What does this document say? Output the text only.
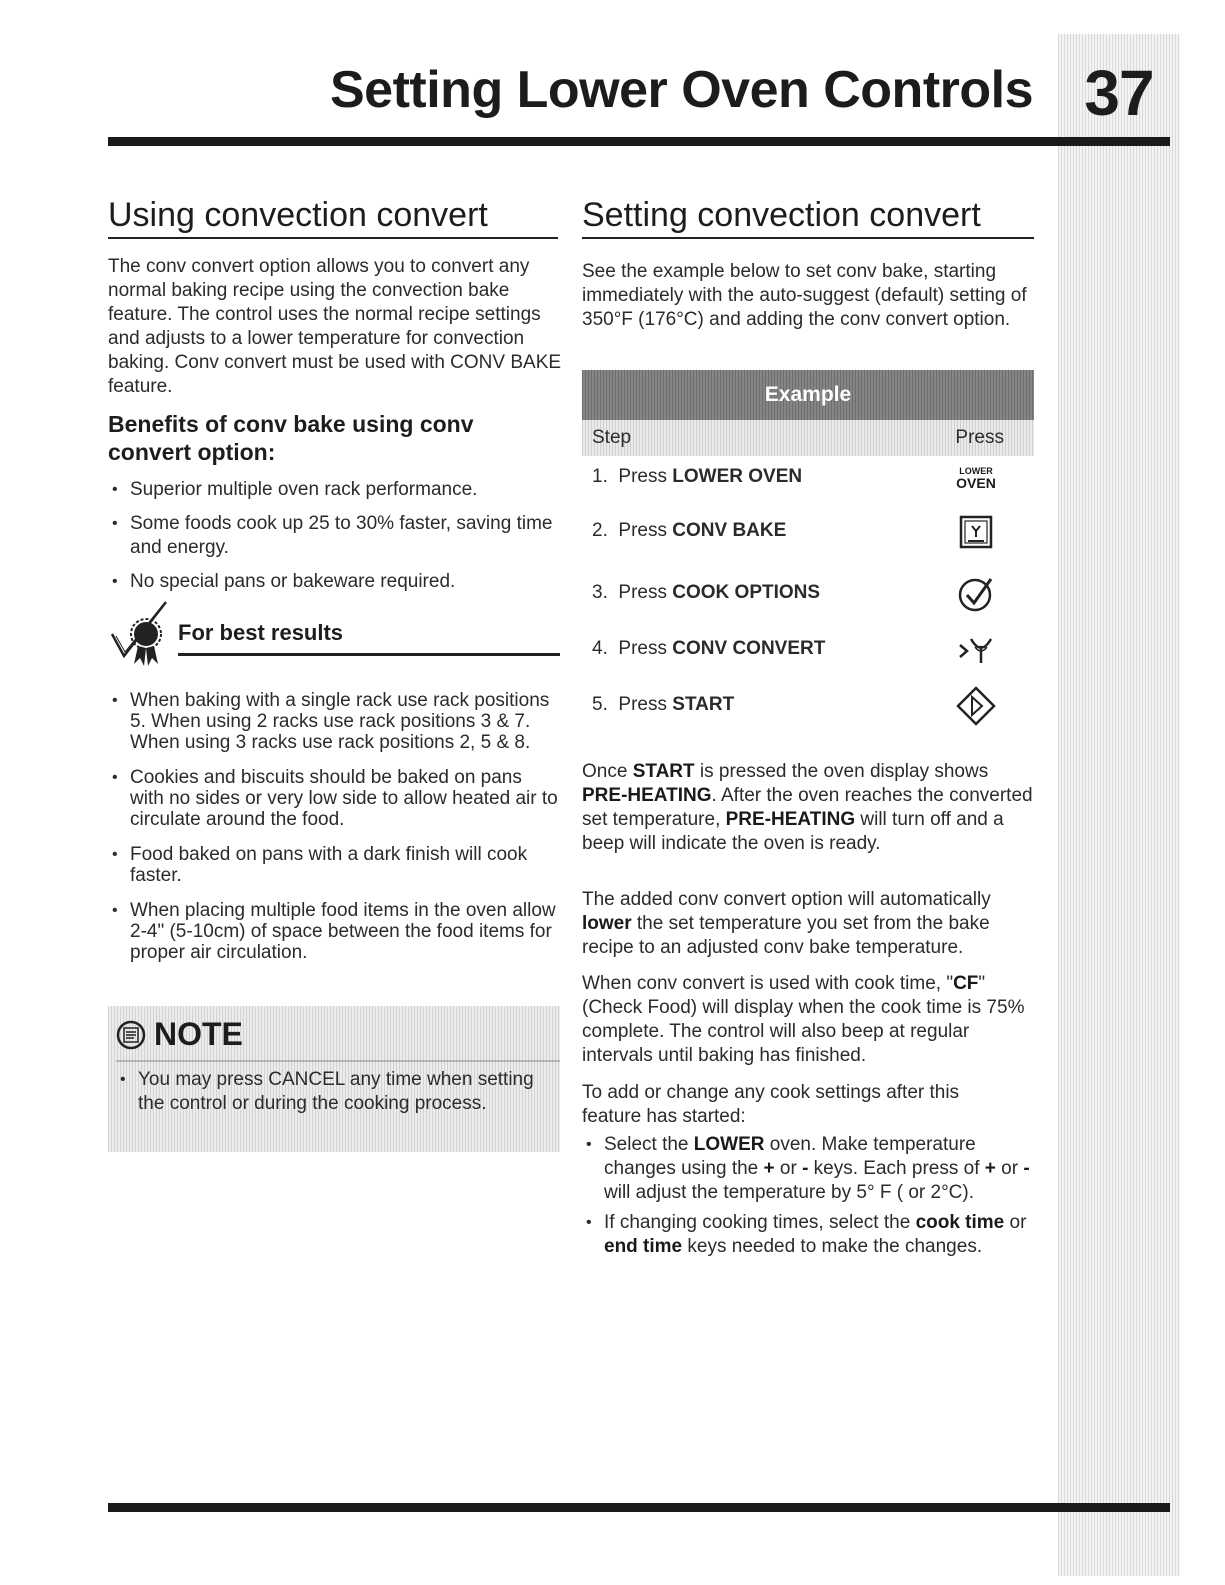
37
Setting Lower Oven Controls
Using convection convert

The conv convert option allows you to convert any normal baking recipe using the convection bake feature. The control uses the normal recipe settings and adjusts to a lower temperature for convection baking. Conv convert must be used with CONV BAKE feature.

Benefits of conv bake using conv convert option:
• Superior multiple oven rack performance.
• Some foods cook up 25 to 30% faster, saving time and energy.
• No special pans or bakeware required.
For best results
• When baking with a single rack use rack positions 5. When using 2 racks use rack positions 3 & 7. When using 3 racks use rack positions 2, 5 & 8.
• Cookies and biscuits should be baked on pans with no sides or very low side to allow heated air to circulate around the food.
• Food baked on pans with a dark finish will cook faster.
• When placing multiple food items in the oven allow 2-4" (5-10cm) of space between the food items for proper air circulation.
NOTE
• You may press CANCEL any time when setting the control or during the cooking process.
Setting convection convert

See the example below to set conv bake, starting immediately with the auto-suggest (default) setting of 350°F (176°C) and adding the conv convert option.

Example
Step	Press
1. Press LOWER OVEN	LOWER
OVEN
2. Press CONV BAKE
3. Press COOK OPTIONS
4. Press CONV CONVERT
5. Press START

Once START is pressed the oven display shows PRE-HEATING. After the oven reaches the converted set temperature, PRE-HEATING will turn off and a beep will indicate the oven is ready.

The added conv convert option will automatically lower the set temperature you set from the bake recipe to an adjusted conv bake temperature.

When conv convert is used with cook time, "CF" (Check Food) will display when the cook time is 75% complete. The control will also beep at regular intervals until baking has finished.

To add or change any cook settings after this feature has started:

• Select the LOWER oven. Make temperature changes using the + or - keys. Each press of + or - will adjust the temperature by 5° F ( or 2°C).
• If changing cooking times, select the cook time or end time keys needed to make the changes.
